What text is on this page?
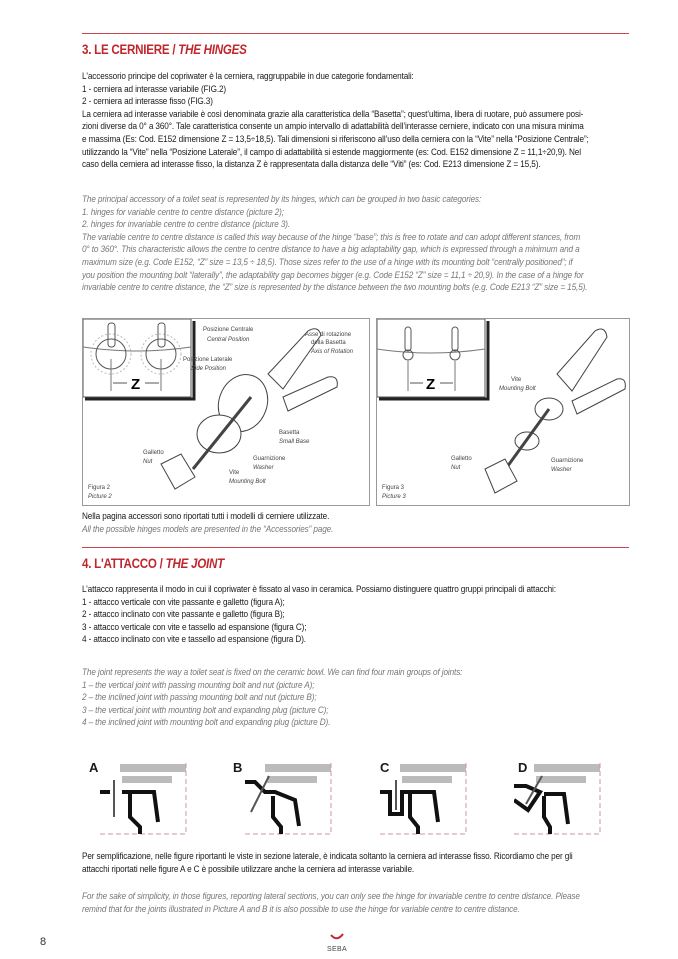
3. LE CERNIERE / THE HINGES
L'accessorio principe del copriwater è la cerniera, raggruppabile in due categorie fondamentali:
1 - cerniera ad interasse variabile (FIG.2)
2 - cerniera ad interasse fisso (FIG.3)
La cerniera ad interasse variabile è così denominata grazie alla caratteristica della “Basetta”; quest’ultima, libera di ruotare, può assumere posi-
zioni diverse da 0° a 360°. Tale caratteristica consente un ampio intervallo di adattabilità dell’interasse cerniere, indicato con una misura minima
e massima (Es: Cod. E152 dimensione Z = 13,5÷18,5). Tali dimensioni si riferiscono all’uso della cerniera con la “Vite” nella “Posizione Centrale”;
utilizzando la “Vite” nella “Posizione Laterale”, il campo di adattabilità si estende maggiormente (es: Cod. E152 dimensione Z = 11,1÷20,9). Nel
caso della cerniera ad interasse fisso, la distanza Z è rappresentata dalla distanza delle “Viti” (es: Cod. E213 dimensione Z = 15,5).
The principal accessory of a toilet seat is represented by its hinges, which can be grouped in two basic categories:
1. hinges for variable centre to centre distance (picture 2);
2. hinges for invariable centre to centre distance (picture 3).
The variable centre to centre distance is called this way because of the hinge “base”; this is free to rotate and can adopt different stances, from
0° to 360°. This characteristic allows the centre to centre distance to have a big adaptability gap, which is expressed through a minimum and a
maximum size (e.g. Code E152, “Z” size = 13,5 ÷ 18,5). Those sizes refer to the use of a hinge with its mounting bolt “centrally positioned”; if
you position the mounting bolt “laterally”, the adaptability gap becomes bigger (e.g. Code E152 “Z” size = 11,1 ÷ 20,9). In the case of a hinge for
invariable centre to centre distance, the “Z” size is represented by the distance between the two mounting bolts (e.g. Code E213 “Z” size = 15,5).
Z
Posizione Centrale
Central Position
Asse di rotazione
della Basetta
Axis of Rotation
Posizione Laterale
Side Position
Basetta
Small Base
Guarnizione
Washer
Galletto
Nut
Vite
Mounting Bolt
Figura 2
Picture 2
Z	Vite
Mounting Bolt
Galletto
Nut
Guarnizione
Washer
Figura 3
Picture 3
Nella pagina accessori sono riportati tutti i modelli di cerniere utilizzate.
All the possible hinges models are presented in the “Accessories” page.
4. L'ATTACCO / THE JOINT
L’attacco rappresenta il modo in cui il copriwater è fissato al vaso in ceramica. Possiamo distinguere quattro gruppi principali di attacchi:
1 - attacco verticale con vite passante e galletto (figura A);
2 - attacco inclinato con vite passante e galletto (figura B);
3 - attacco verticale con vite e tassello ad espansione (figura C);
4 - attacco inclinato con vite e tassello ad espansione (figura D).
The joint represents the way a toilet seat is fixed on the ceramic bowl. We can find four main groups of joints:
1 – the vertical joint with passing mounting bolt and nut (picture A);
2 – the inclined joint with passing mounting bolt and nut (picture B);
3 – the vertical joint with mounting bolt and expanding plug (picture C);
4 – the inclined joint with mounting bolt and expanding plug (picture D).
A	B	C	D
Per semplificazione, nelle figure riportanti le viste in sezione laterale, è indicata soltanto la cerniera ad interasse fisso. Ricordiamo che per gli
attacchi riportati nelle figure A e C è possibile utilizzare anche la cerniera ad interasse variabile.
For the sake of simplicity, in those figures, reporting lateral sections, you can only see the hinge for invariable centre to centre distance. Please
remind that for the joints illustrated in Picture A and B it is also possible to use the hinge for variable centre to centre distance.
8
SEBA
